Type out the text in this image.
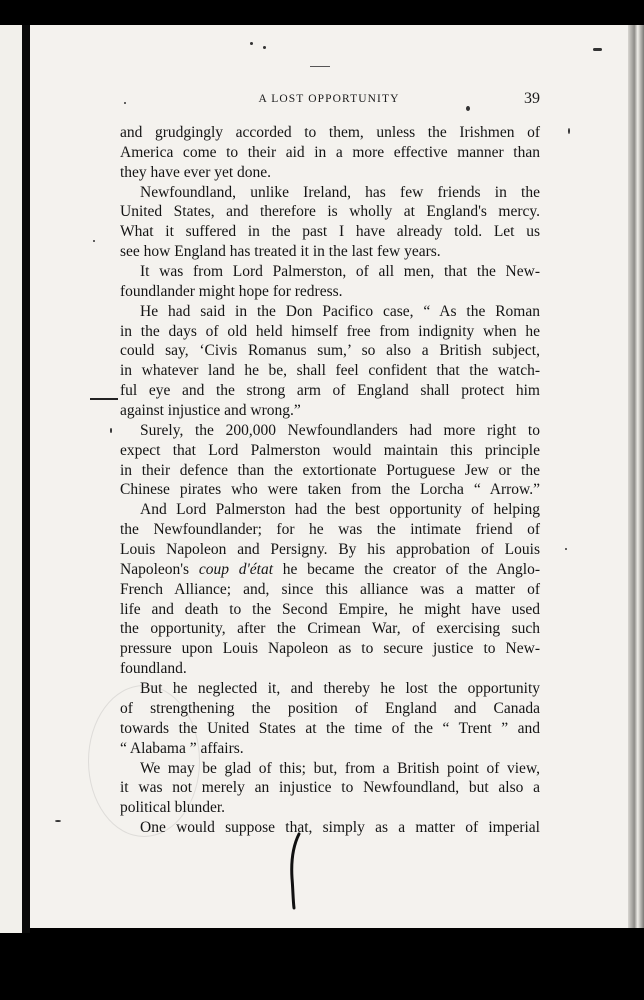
A LOST OPPORTUNITY	39
and grudgingly accorded to them, unless the Irishmen of
America come to their aid in a more effective manner than
they have ever yet done.
Newfoundland, unlike Ireland, has few friends in the
United States, and therefore is wholly at England's mercy.
What it suffered in the past I have already told. Let us
see how England has treated it in the last few years.
It was from Lord Palmerston, of all men, that the New-
foundlander might hope for redress.
He had said in the Don Pacifico case, “ As the Roman
in the days of old held himself free from indignity when he
could say, ‘Civis Romanus sum,’ so also a British subject,
in whatever land he be, shall feel confident that the watch-
ful eye and the strong arm of England shall protect him
against injustice and wrong.”
Surely, the 200,000 Newfoundlanders had more right to
expect that Lord Palmerston would maintain this principle
in their defence than the extortionate Portuguese Jew or the
Chinese pirates who were taken from the Lorcha “ Arrow.”
And Lord Palmerston had the best opportunity of helping
the Newfoundlander; for he was the intimate friend of
Louis Napoleon and Persigny. By his approbation of Louis
Napoleon's coup d'état he became the creator of the Anglo-
French Alliance; and, since this alliance was a matter of
life and death to the Second Empire, he might have used
the opportunity, after the Crimean War, of exercising such
pressure upon Louis Napoleon as to secure justice to New-
foundland.
But he neglected it, and thereby he lost the opportunity
of strengthening the position of England and Canada
towards the United States at the time of the “ Trent ” and
“ Alabama ” affairs.
We may be glad of this; but, from a British point of view,
it was not merely an injustice to Newfoundland, but also a
political blunder.
One would suppose that, simply as a matter of imperial
